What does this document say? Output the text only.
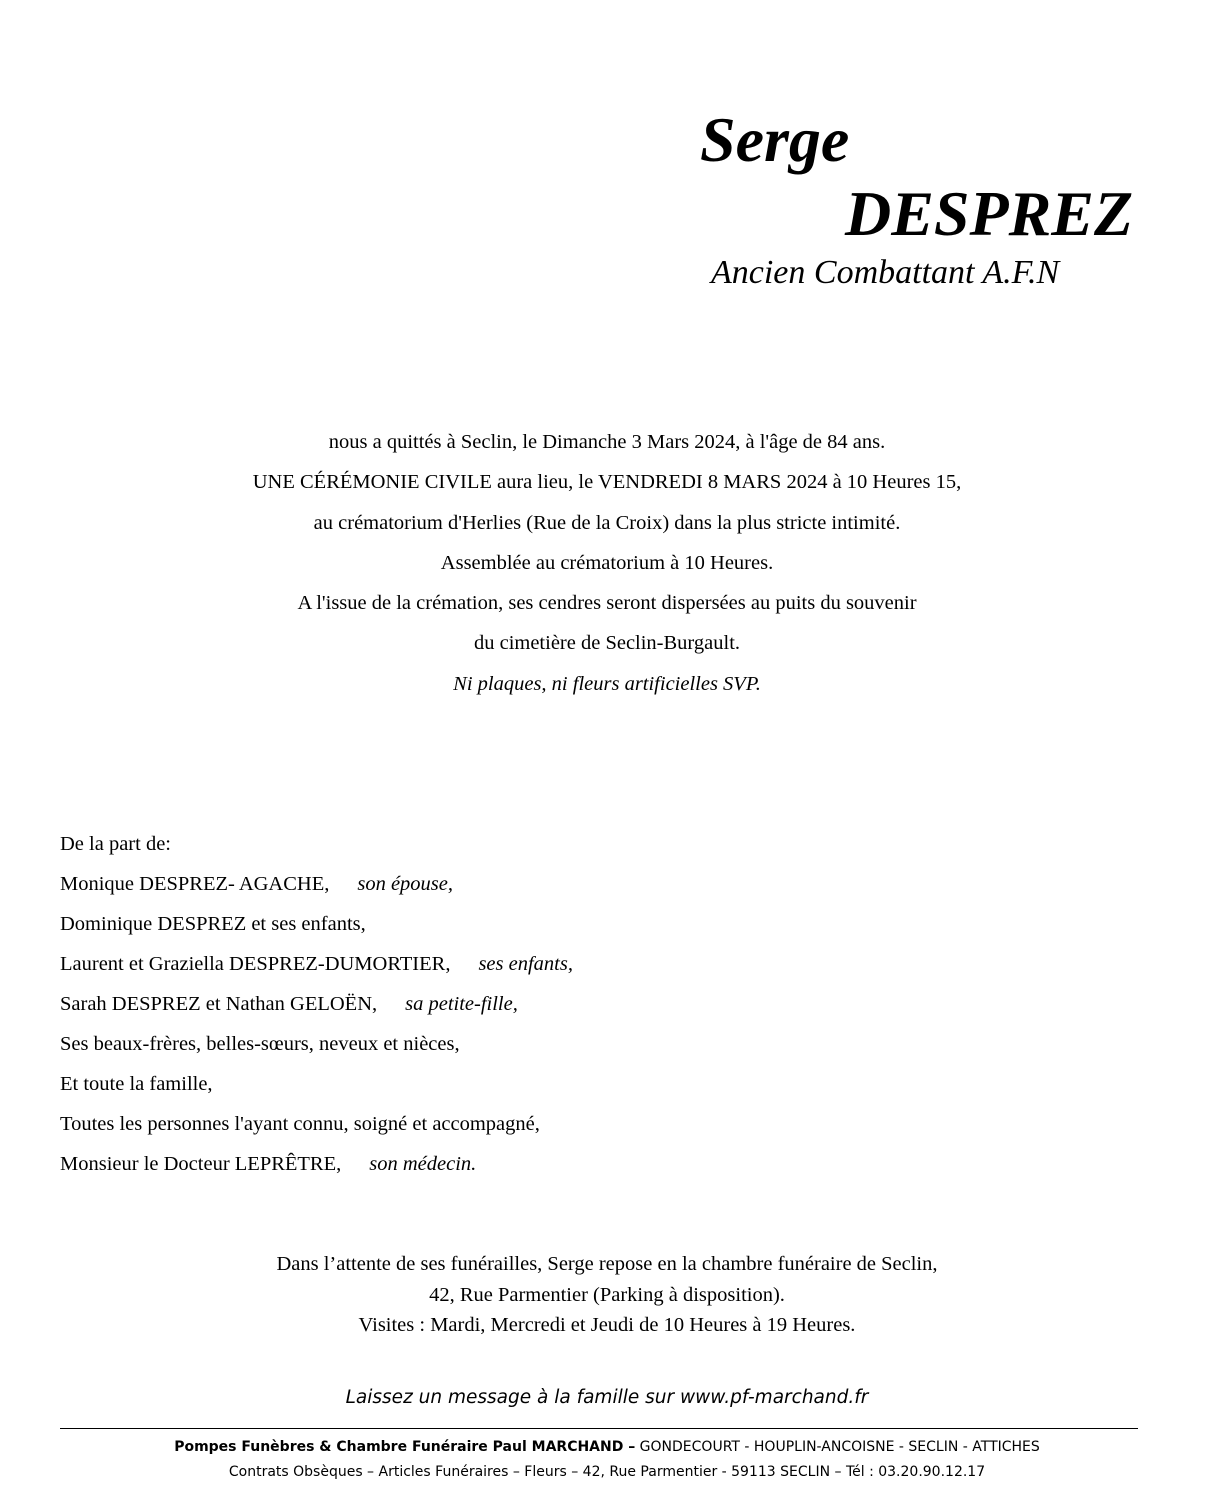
Serge
DESPREZ
Ancien Combattant A.F.N
nous a quittés à Seclin, le Dimanche 3 Mars 2024, à l'âge de 84 ans.
UNE CÉRÉMONIE CIVILE aura lieu, le VENDREDI 8 MARS 2024 à 10 Heures 15,
au crématorium d'Herlies (Rue de la Croix) dans la plus stricte intimité.
Assemblée au crématorium à 10 Heures.
A l'issue de la crémation, ses cendres seront dispersées au puits du souvenir
du cimetière de Seclin-Burgault.
Ni plaques, ni fleurs artificielles SVP.
De la part de:
Monique DESPREZ- AGACHE, son épouse,
Dominique DESPREZ et ses enfants,
Laurent et Graziella DESPREZ-DUMORTIER, ses enfants,
Sarah DESPREZ et Nathan GELOËN, sa petite-fille,
Ses beaux-frères, belles-sœurs, neveux et nièces,
Et toute la famille,
Toutes les personnes l'ayant connu, soigné et accompagné,
Monsieur le Docteur LEPRÊTRE, son médecin.
Dans l’attente de ses funérailles, Serge repose en la chambre funéraire de Seclin,
42, Rue Parmentier (Parking à disposition).
Visites : Mardi, Mercredi et Jeudi de 10 Heures à 19 Heures.
Laissez un message à la famille sur www.pf-marchand.fr
Pompes Funèbres & Chambre Funéraire Paul MARCHAND – GONDECOURT - HOUPLIN-ANCOISNE - SECLIN - ATTICHES
Contrats Obsèques – Articles Funéraires – Fleurs – 42, Rue Parmentier - 59113 SECLIN – Tél : 03.20.90.12.17
